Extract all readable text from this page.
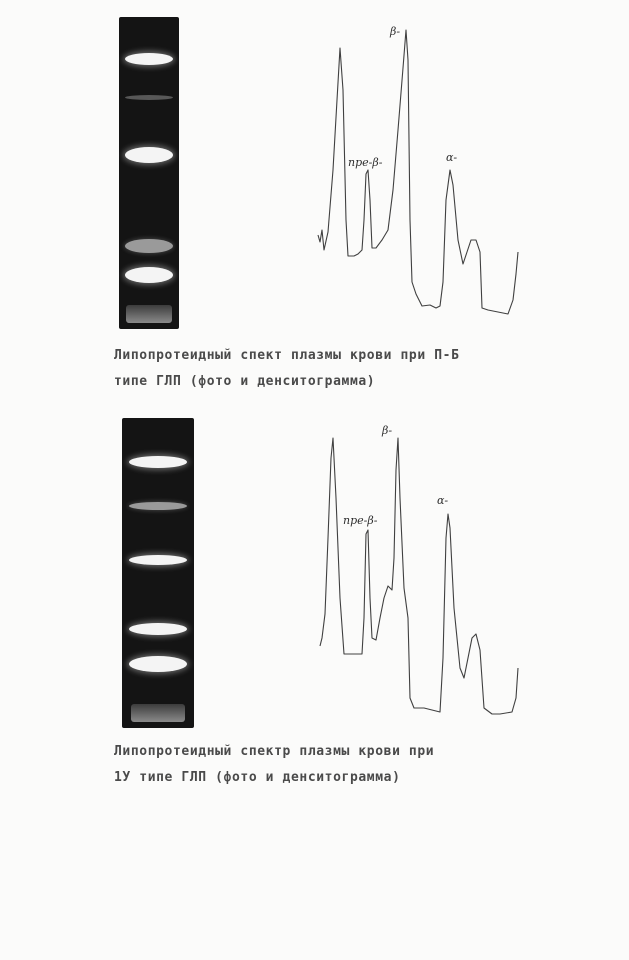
β-
пре-β-	α-
Липопротеидный спект плазмы крови при П-Б
типе ГЛП (фото и денситограмма)
β-
пре-β-
α-
Липопротеидный спектр плазмы крови при
1У типе ГЛП (фото и денситограмма)
